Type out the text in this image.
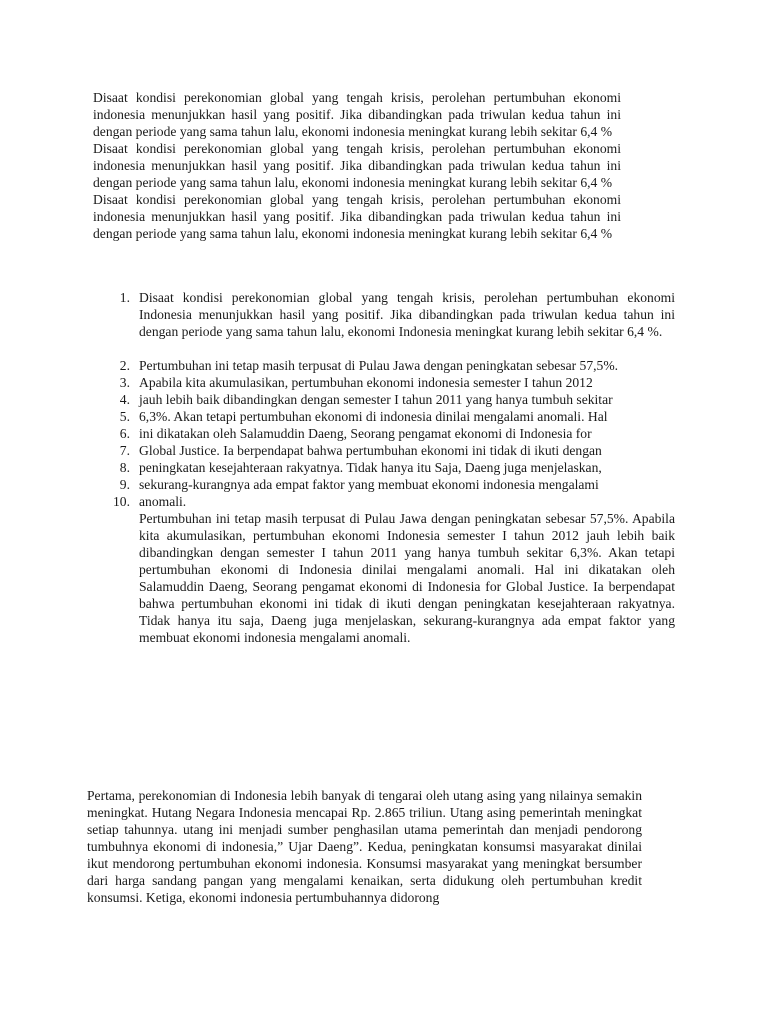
Disaat kondisi perekonomian global yang tengah krisis, perolehan pertumbuhan ekonomi indonesia menunjukkan hasil yang positif. Jika dibandingkan pada triwulan kedua tahun ini dengan periode yang sama tahun lalu, ekonomi indonesia meningkat kurang lebih sekitar 6,4 %

Disaat kondisi perekonomian global yang tengah krisis, perolehan pertumbuhan ekonomi indonesia menunjukkan hasil yang positif. Jika dibandingkan pada triwulan kedua tahun ini dengan periode yang sama tahun lalu, ekonomi indonesia meningkat kurang lebih sekitar 6,4 %

Disaat kondisi perekonomian global yang tengah krisis, perolehan pertumbuhan ekonomi indonesia menunjukkan hasil yang positif. Jika dibandingkan pada triwulan kedua tahun ini dengan periode yang sama tahun lalu, ekonomi indonesia meningkat kurang lebih sekitar 6,4 %

1. Disaat kondisi perekonomian global yang tengah krisis, perolehan pertumbuhan ekonomi Indonesia menunjukkan hasil yang positif. Jika dibandingkan pada triwulan kedua tahun ini dengan periode yang sama tahun lalu, ekonomi Indonesia meningkat kurang lebih sekitar 6,4 %.
2. Pertumbuhan ini tetap masih terpusat di Pulau Jawa dengan peningkatan sebesar 57,5%.
3. Apabila kita akumulasikan, pertumbuhan ekonomi indonesia semester I tahun 2012
4. jauh lebih baik dibandingkan dengan semester I tahun 2011 yang hanya tumbuh sekitar
5. 6,3%. Akan tetapi pertumbuhan ekonomi di indonesia dinilai mengalami anomali. Hal
6. ini dikatakan oleh Salamuddin Daeng, Seorang pengamat ekonomi di Indonesia for
7. Global Justice. Ia berpendapat bahwa pertumbuhan ekonomi ini tidak di ikuti dengan
8. peningkatan kesejahteraan rakyatnya. Tidak hanya itu Saja, Daeng juga menjelaskan,
9. sekurang-kurangnya ada empat faktor yang membuat ekonomi indonesia mengalami
10. anomali.
Pertumbuhan ini tetap masih terpusat di Pulau Jawa dengan peningkatan sebesar 57,5%. Apabila kita akumulasikan, pertumbuhan ekonomi Indonesia semester I tahun 2012 jauh lebih baik dibandingkan dengan semester I tahun 2011 yang hanya tumbuh sekitar 6,3%. Akan tetapi pertumbuhan ekonomi di Indonesia dinilai mengalami anomali. Hal ini dikatakan oleh Salamuddin Daeng, Seorang pengamat ekonomi di Indonesia for Global Justice. Ia berpendapat bahwa pertumbuhan ekonomi ini tidak di ikuti dengan peningkatan kesejahteraan rakyatnya. Tidak hanya itu saja, Daeng juga menjelaskan, sekurang-kurangnya ada empat faktor yang membuat ekonomi indonesia mengalami anomali.

Pertama, perekonomian di Indonesia lebih banyak di tengarai oleh utang asing yang nilainya semakin meningkat. Hutang Negara Indonesia mencapai Rp. 2.865 triliun. Utang asing pemerintah meningkat setiap tahunnya. utang ini menjadi sumber penghasilan utama pemerintah dan menjadi pendorong tumbuhnya ekonomi di indonesia,” Ujar Daeng”. Kedua, peningkatan konsumsi masyarakat dinilai ikut mendorong pertumbuhan ekonomi indonesia. Konsumsi masyarakat yang meningkat bersumber dari harga sandang pangan yang mengalami kenaikan, serta didukung oleh pertumbuhan kredit konsumsi. Ketiga, ekonomi indonesia pertumbuhannya didorong
